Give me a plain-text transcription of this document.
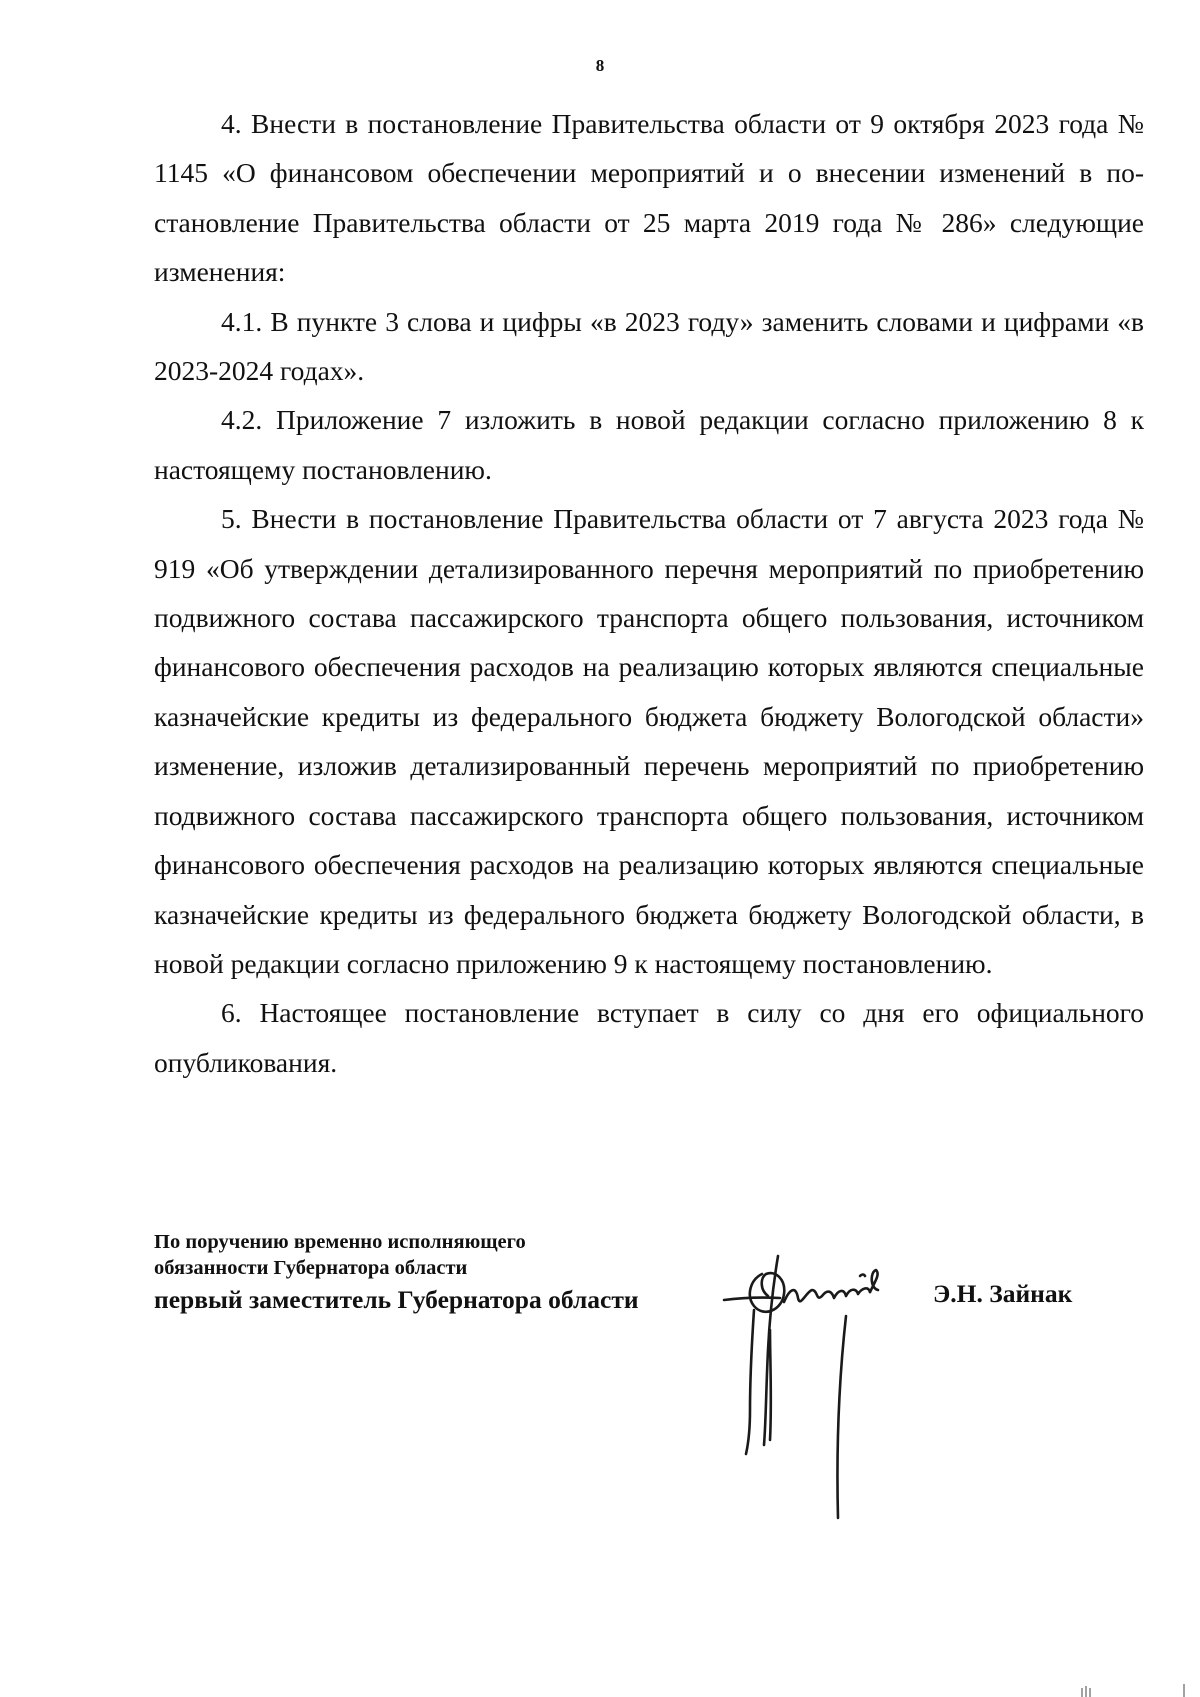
8

4. Внести в постановление Правительства области от 9 октября 2023 года № 1145 «О финансовом обеспечении мероприятий и о внесении изменений в постановление Правительства области от 25 марта 2019 года № 286» следующие изменения:

4.1. В пункте 3 слова и цифры «в 2023 году» заменить словами и цифрами «в 2023-2024 годах».

4.2. Приложение 7 изложить в новой редакции согласно приложению 8 к настоящему постановлению.

5. Внести в постановление Правительства области от 7 августа 2023 года № 919 «Об утверждении детализированного перечня мероприятий по приобретению подвижного состава пассажирского транспорта общего пользования, источником финансового обеспечения расходов на реализацию которых являются специальные казначейские кредиты из федерального бюджета бюджету Вологодской области» изменение, изложив детализированный перечень мероприятий по приобретению подвижного состава пассажирского транспорта общего пользования, источником финансового обеспечения расходов на реализацию которых являются специальные казначейские кредиты из федерального бюджета бюджету Вологодской области, в новой редакции согласно приложению 9 к настоящему постановлению.

6. Настоящее постановление вступает в силу со дня его официального опубликования.

По поручению временно исполняющего
обязанности Губернатора области
первый заместитель Губернатора области	Э.Н. Зайнак
